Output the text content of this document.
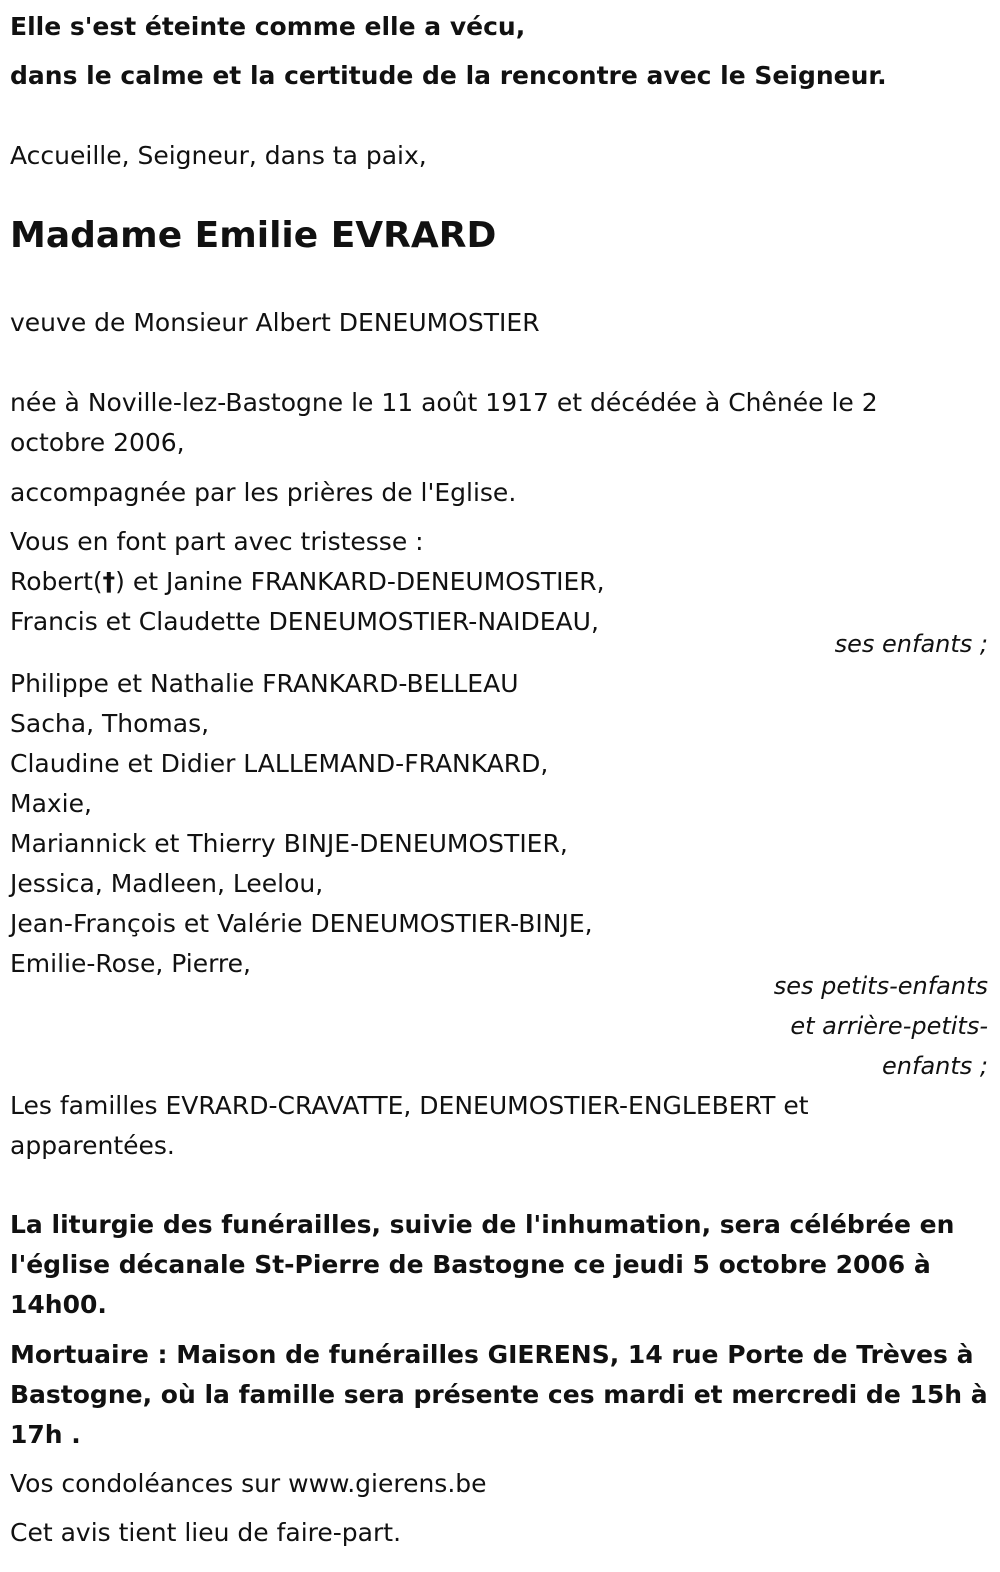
Elle s'est éteinte comme elle a vécu,

dans le calme et la certitude de la rencontre avec le Seigneur.

Accueille, Seigneur, dans ta paix,

Madame Emilie EVRARD

veuve de Monsieur Albert DENEUMOSTIER

née à Noville-lez-Bastogne le 11 août 1917 et décédée à Chênée le 2

octobre 2006,

accompagnée par les prières de l'Eglise.

Vous en font part avec tristesse :

Robert(†) et Janine FRANKARD-DENEUMOSTIER,

Francis et Claudette DENEUMOSTIER-NAIDEAU,

ses enfants ;

Philippe et Nathalie FRANKARD-BELLEAU

Sacha, Thomas,

Claudine et Didier LALLEMAND-FRANKARD,

Maxie,

Mariannick et Thierry BINJE-DENEUMOSTIER,

Jessica, Madleen, Leelou,

Jean-François et Valérie DENEUMOSTIER-BINJE,

Emilie-Rose, Pierre,

ses petits-enfants

et arrière-petits-

enfants ;

Les familles EVRARD-CRAVATTE, DENEUMOSTIER-ENGLEBERT et

apparentées.

La liturgie des funérailles, suivie de l'inhumation, sera célébrée en

l'église décanale St-Pierre de Bastogne ce jeudi 5 octobre 2006 à

14h00.

Mortuaire : Maison de funérailles GIERENS, 14 rue Porte de Trèves à

Bastogne, où la famille sera présente ces mardi et mercredi de 15h à

17h .

Vos condoléances sur www.gierens.be

Cet avis tient lieu de faire-part.
